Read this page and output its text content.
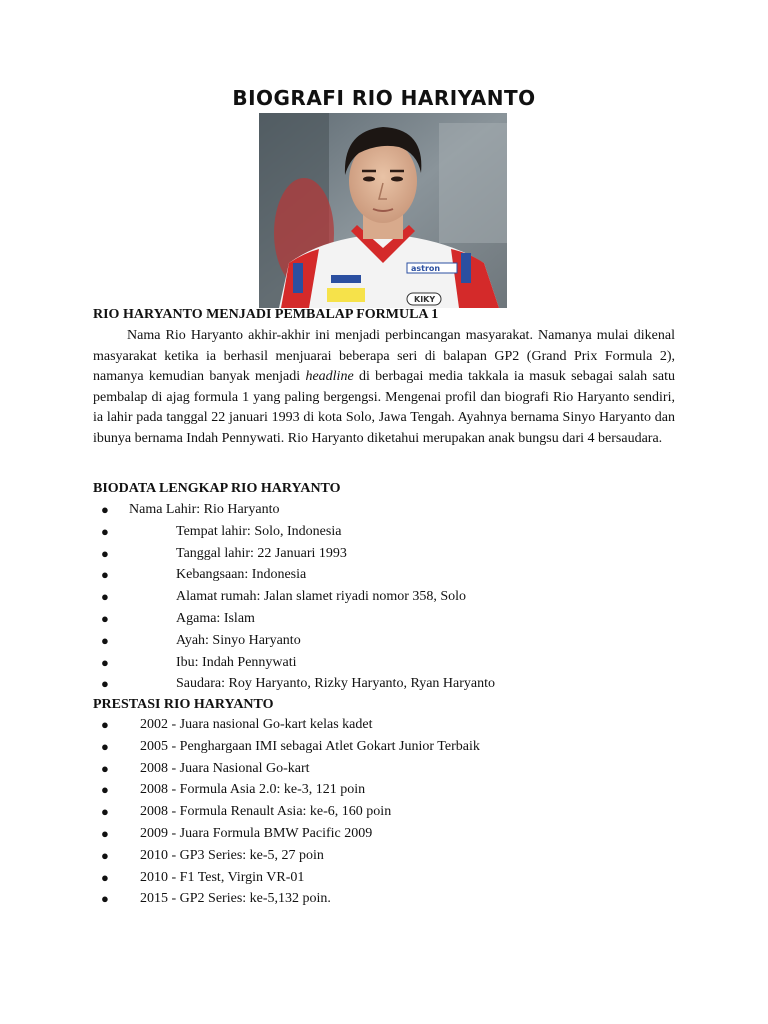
BIOGRAFI RIO HARIYANTO
astron
KIKY
RIO HARYANTO MENJADI PEMBALAP FORMULA 1
Nama Rio Haryanto akhir-akhir ini menjadi perbincangan masyarakat. Namanya mulai dikenal masyarakat ketika ia berhasil menjuarai beberapa seri di balapan GP2 (Grand Prix Formula 2), namanya kemudian banyak menjadi headline di berbagai media takkala ia masuk sebagai salah satu pembalap di ajag formula 1 yang paling bergengsi. Mengenai profil dan biografi Rio Haryanto sendiri, ia lahir pada tanggal 22 januari 1993 di kota Solo, Jawa Tengah. Ayahnya bernama Sinyo Haryanto dan ibunya bernama Indah Pennywati. Rio Haryanto diketahui merupakan anak bungsu dari 4 bersaudara.
BIODATA LENGKAP RIO HARYANTO
● Nama Lahir: Rio Haryanto
●	Tempat lahir: Solo, Indonesia
●	Tanggal lahir: 22 Januari 1993
●	Kebangsaan: Indonesia
●	Alamat rumah: Jalan slamet riyadi nomor 358, Solo
●	Agama: Islam
●	Ayah: Sinyo Haryanto
●	Ibu: Indah Pennywati
●	Saudara: Roy Haryanto, Rizky Haryanto, Ryan Haryanto
PRESTASI RIO HARYANTO
● 2002 - Juara nasional Go-kart kelas kadet
● 2005 - Penghargaan IMI sebagai Atlet Gokart Junior Terbaik
● 2008 - Juara Nasional Go-kart
● 2008 - Formula Asia 2.0: ke-3, 121 poin
● 2008 - Formula Renault Asia: ke-6, 160 poin
● 2009 - Juara Formula BMW Pacific 2009
● 2010 - GP3 Series: ke-5, 27 poin
● 2010 - F1 Test, Virgin VR-01
● 2015 - GP2 Series: ke-5,132 poin.
